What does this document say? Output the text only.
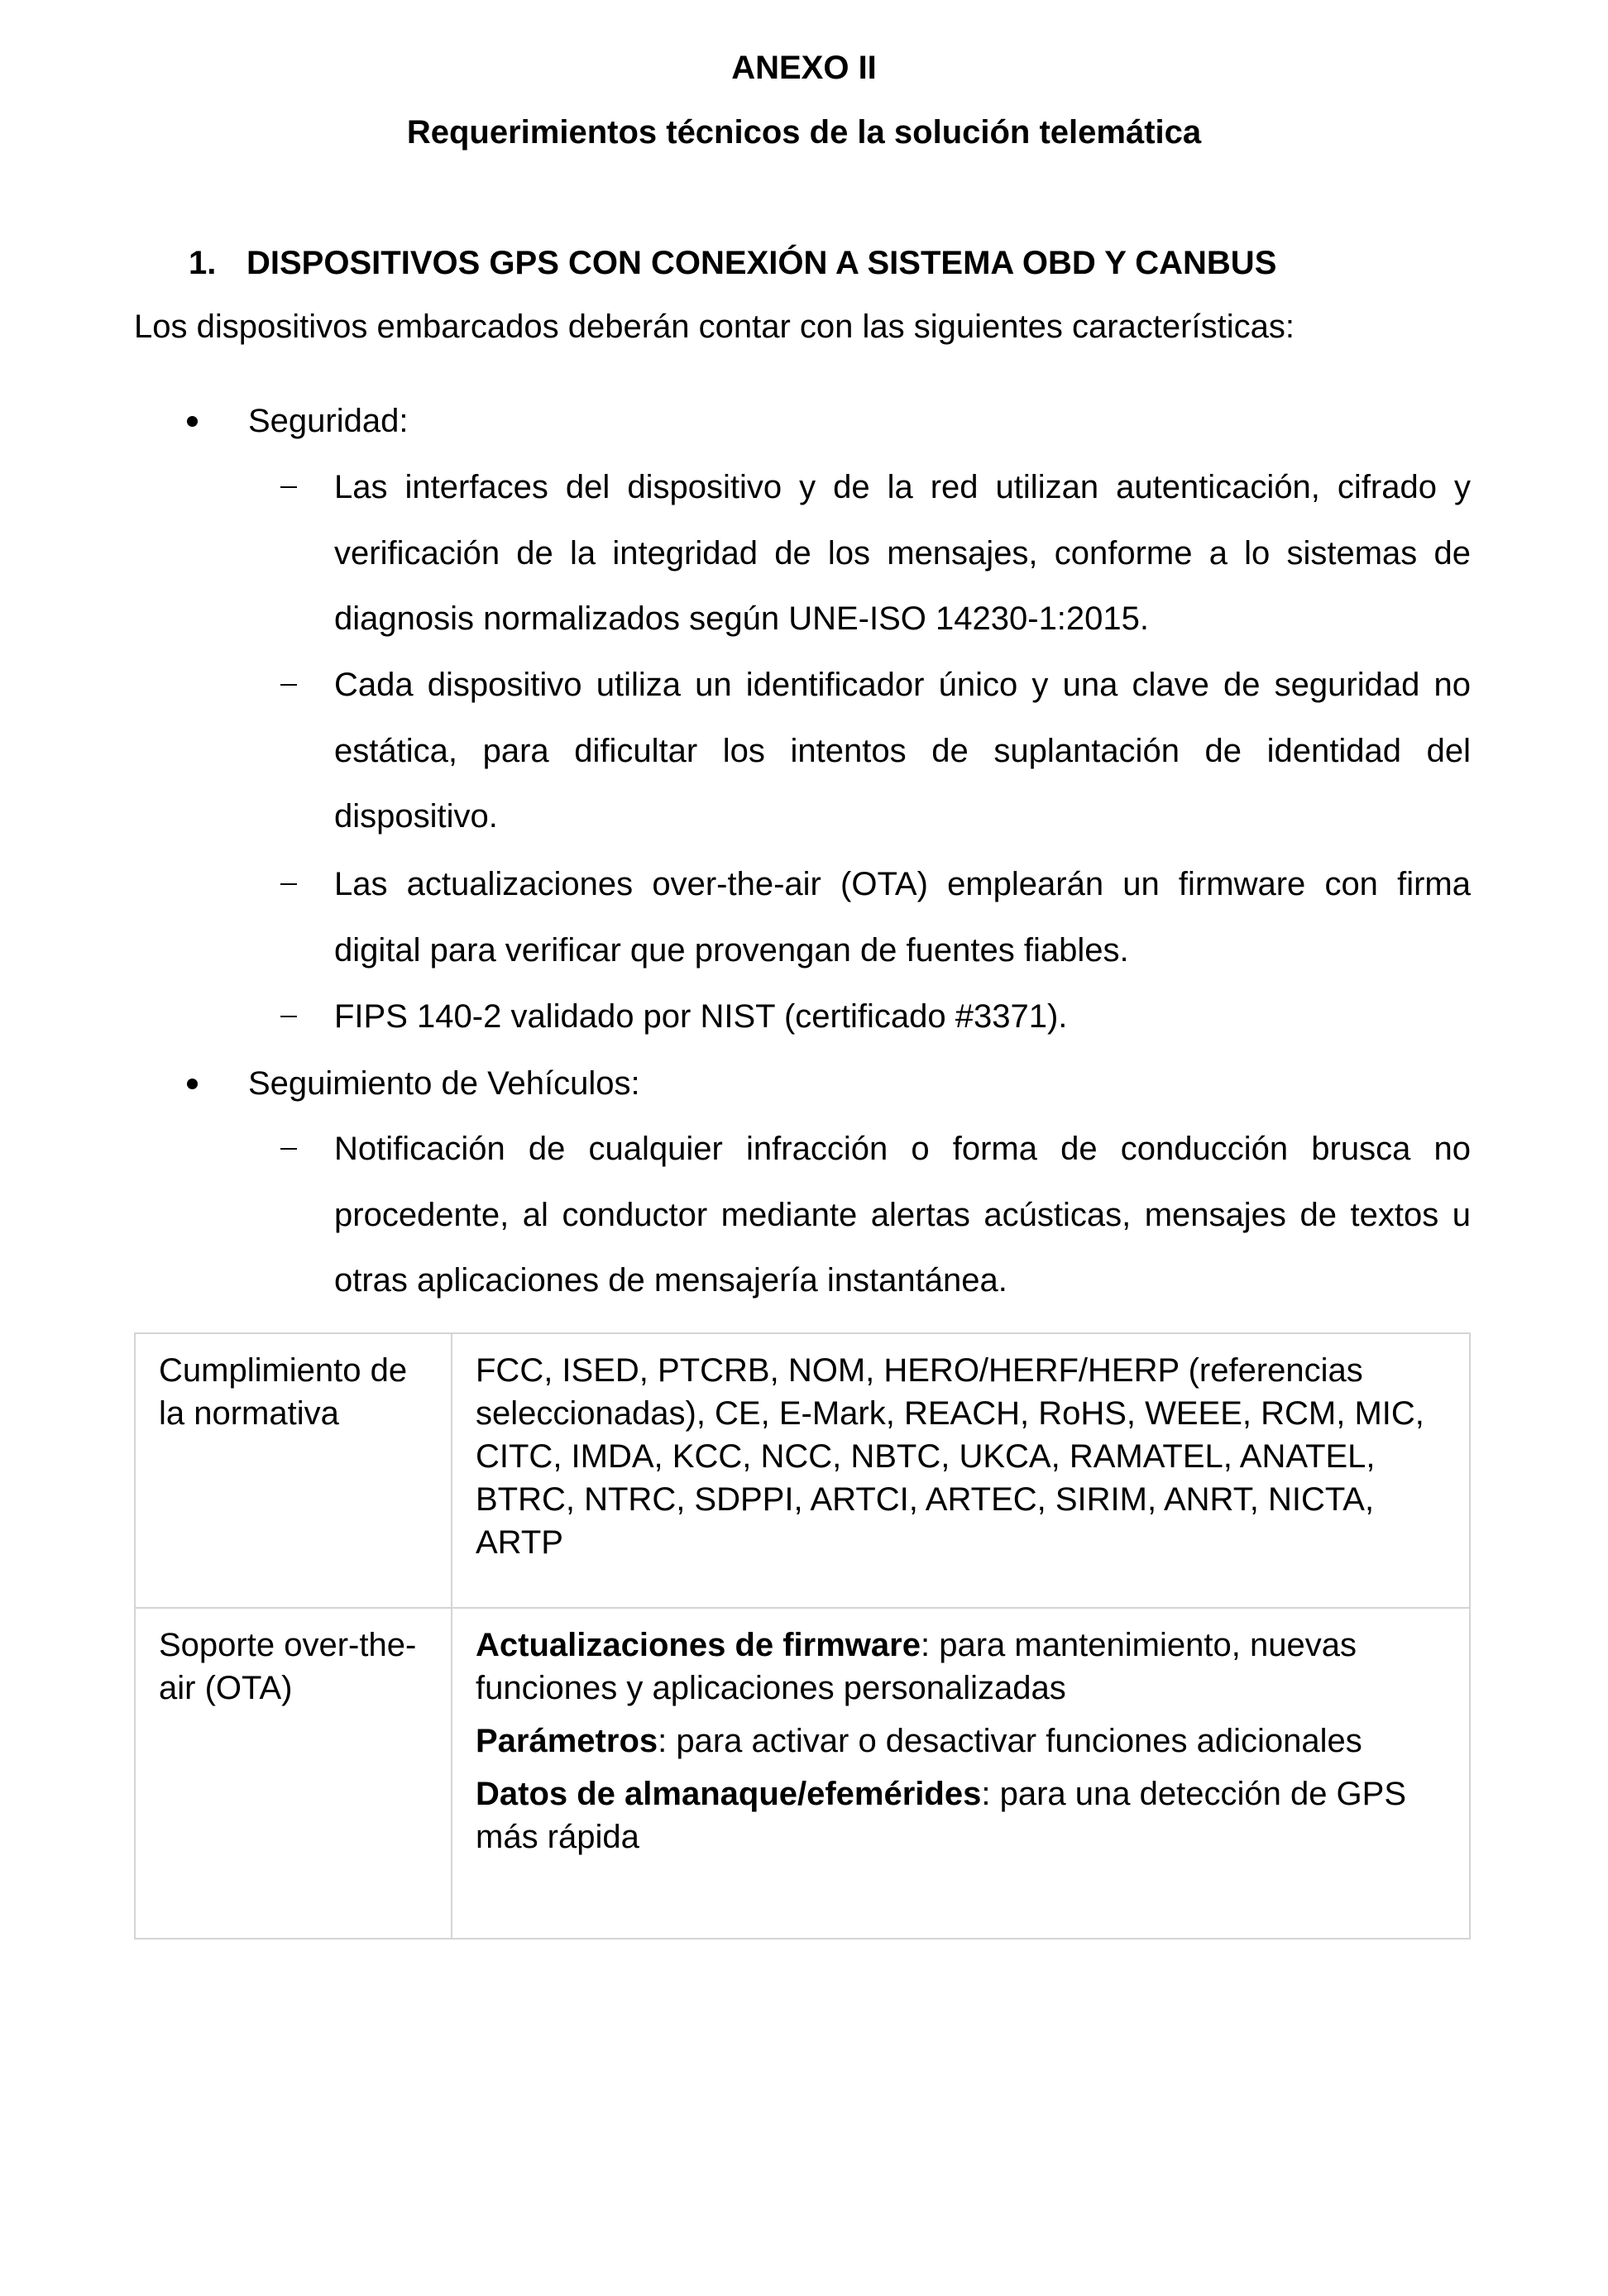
ANEXO II
Requerimientos técnicos de la solución telemática
1. DISPOSITIVOS GPS CON CONEXIÓN A SISTEMA OBD Y CANBUS
Los dispositivos embarcados deberán contar con las siguientes características:
Seguridad:
Las interfaces del dispositivo y de la red utilizan autenticación, cifrado y verificación de la integridad de los mensajes, conforme a lo sistemas de diagnosis normalizados según UNE-ISO 14230-1:2015.
Cada dispositivo utiliza un identificador único y una clave de seguridad no estática, para dificultar los intentos de suplantación de identidad del dispositivo.
Las actualizaciones over-the-air (OTA) emplearán un firmware con firma digital para verificar que provengan de fuentes fiables.
FIPS 140-2 validado por NIST (certificado #3371).
Seguimiento de Vehículos:
Notificación de cualquier infracción o forma de conducción brusca no procedente, al conductor mediante alertas acústicas, mensajes de textos u otras aplicaciones de mensajería instantánea.
Cumplimiento de la normativa	FCC, ISED, PTCRB, NOM, HERO/HERF/HERP (referencias seleccionadas), CE, E-Mark, REACH, RoHS, WEEE, RCM, MIC, CITC, IMDA, KCC, NCC, NBTC, UKCA, RAMATEL, ANATEL, BTRC, NTRC, SDPPI, ARTCI, ARTEC, SIRIM, ANRT, NICTA, ARTP
Soporte over-the-air (OTA)	Actualizaciones de firmware: para mantenimiento, nuevas funciones y aplicaciones personalizadas

Parámetros: para activar o desactivar funciones adicionales

Datos de almanaque/efemérides: para una detección de GPS más rápida
